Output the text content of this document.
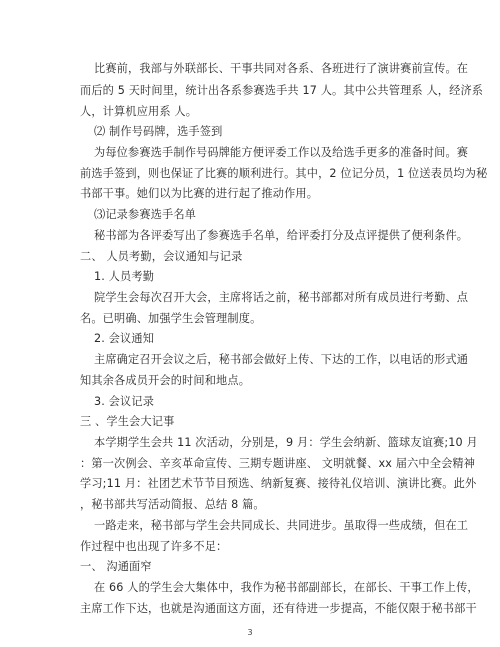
比赛前，我部与外联部长、干事共同对各系、各班进行了演讲赛前宣传。在
而后的 5 天时间里，统计出各系参赛选手共 17 人。其中公共管理系 人，经济系
人，计算机应用系 人。
⑵ 制作号码牌，选手签到
为每位参赛选手制作号码牌能方便评委工作以及给选手更多的准备时间。赛
前选手签到，则也保证了比赛的顺利进行。其中，2 位记分员，1 位送表员均为秘
书部干事。她们以为比赛的进行起了推动作用。
⑶记录参赛选手名单
秘书部为各评委写出了参赛选手名单，给评委打分及点评提供了便利条件。
二、 人员考勤，会议通知与记录
1. 人员考勤
院学生会每次召开大会，主席将话之前，秘书部都对所有成员进行考勤、点
名。已明确、加强学生会管理制度。
2. 会议通知
主席确定召开会议之后，秘书部会做好上传、下达的工作，以电话的形式通
知其余各成员开会的时间和地点。
3. 会议记录
三 、学生会大记事
本学期学生会共 11 次活动，分别是，9 月：学生会纳新、篮球友谊赛;10 月
：第一次例会、辛亥革命宣传、三期专题讲座、 文明就餐、xx 届六中全会精神
学习;11 月：社团艺术节节目预选、纳新复赛、接待礼仪培训、演讲比赛。此外
，秘书部共写活动简报、总结 8 篇。
一路走来，秘书部与学生会共同成长、共同进步。虽取得一些成绩，但在工
作过程中也出现了许多不足：
一、 沟通面窄
在 66 人的学生会大集体中，我作为秘书部副部长，在部长、干事工作上传，
主席工作下达，也就是沟通面这方面，还有待进一步提高，不能仅限于秘书部干
3
